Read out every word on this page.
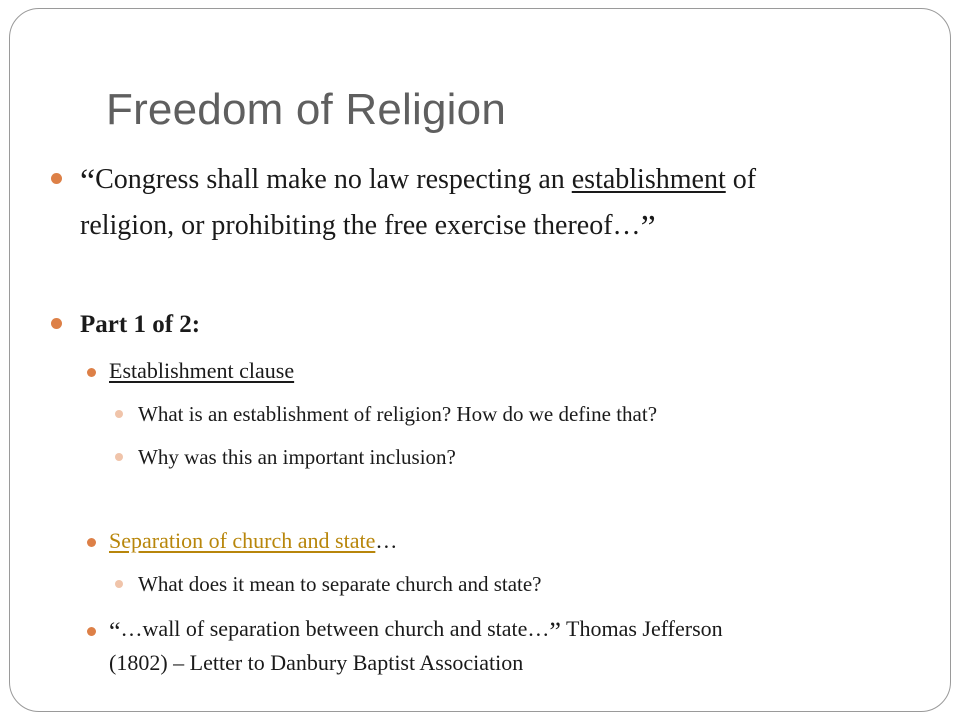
Freedom of Religion
“Congress shall make no law respecting an establishment of
religion, or prohibiting the free exercise thereof…”
Part 1 of 2:
Establishment clause
What is an establishment of religion? How do we define that?
Why was this an important inclusion?
Separation of church and state…
What does it mean to separate church and state?
“…wall of separation between church and state…” Thomas Jefferson
(1802) – Letter to Danbury Baptist Association
